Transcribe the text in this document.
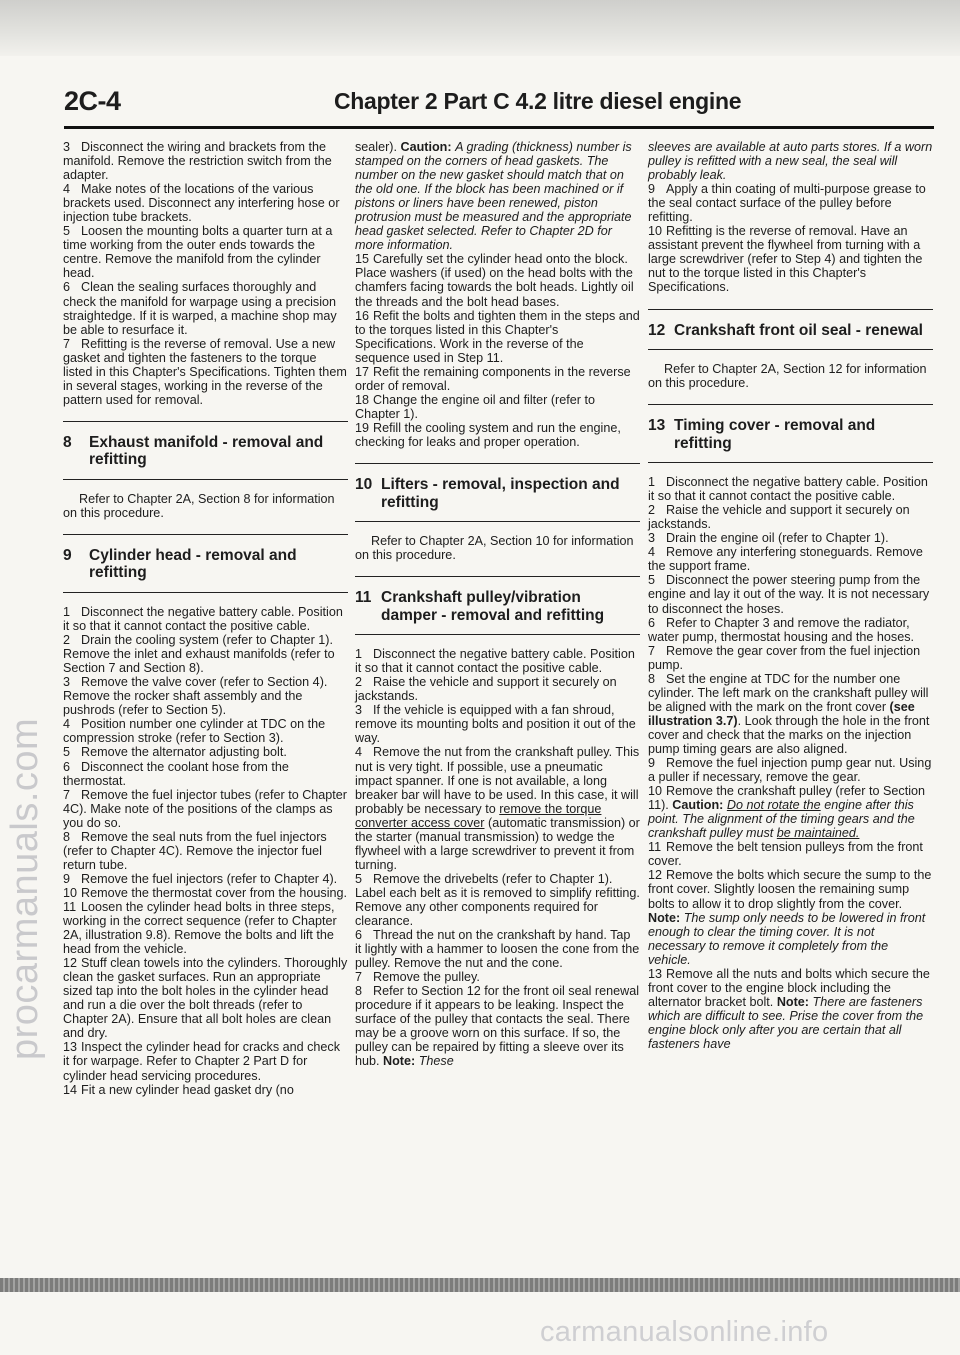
2C-4	Chapter 2 Part C 4.2 litre diesel engine
procarmanuals.com

3 Disconnect the wiring and brackets from the manifold. Remove the restriction switch from the adapter.

4 Make notes of the locations of the various brackets used. Disconnect any interfering hose or injection tube brackets.

5 Loosen the mounting bolts a quarter turn at a time working from the outer ends towards the centre. Remove the manifold from the cylinder head.

6 Clean the sealing surfaces thoroughly and check the manifold for warpage using a precision straightedge. If it is warped, a machine shop may be able to resurface it.

7 Refitting is the reverse of removal. Use a new gasket and tighten the fasteners to the torque listed in this Chapter's Specifications. Tighten them in several stages, working in the reverse of the pattern used for removal.

8	Exhaust manifold - removal and refitting

Refer to Chapter 2A, Section 8 for information on this procedure.

9	Cylinder head - removal and refitting

1 Disconnect the negative battery cable. Position it so that it cannot contact the positive cable.

2 Drain the cooling system (refer to Chapter 1). Remove the inlet and exhaust manifolds (refer to Section 7 and Section 8).

3 Remove the valve cover (refer to Section 4). Remove the rocker shaft assembly and the pushrods (refer to Section 5).

4 Position number one cylinder at TDC on the compression stroke (refer to Section 3).

5 Remove the alternator adjusting bolt.

6 Disconnect the coolant hose from the thermostat.

7 Remove the fuel injector tubes (refer to Chapter 4C). Make note of the positions of the clamps as you do so.

8 Remove the seal nuts from the fuel injectors (refer to Chapter 4C). Remove the injector fuel return tube.

9 Remove the fuel injectors (refer to Chapter 4).

10 Remove the thermostat cover from the housing.

11 Loosen the cylinder head bolts in three steps, working in the correct sequence (refer to Chapter 2A, illustration 9.8). Remove the bolts and lift the head from the vehicle.

12 Stuff clean towels into the cylinders. Thoroughly clean the gasket surfaces. Run an appropriate sized tap into the bolt holes in the cylinder head and run a die over the bolt threads (refer to Chapter 2A). Ensure that all bolt holes are clean and dry.

13 Inspect the cylinder head for cracks and check it for warpage. Refer to Chapter 2 Part D for cylinder head servicing procedures.

14 Fit a new cylinder head gasket dry (no

sealer). Caution: A grading (thickness) number is stamped on the corners of head gaskets. The number on the new gasket should match that on the old one. If the block has been machined or if pistons or liners have been renewed, piston protrusion must be measured and the appropriate head gasket selected. Refer to Chapter 2D for more information.

15 Carefully set the cylinder head onto the block. Place washers (if used) on the head bolts with the chamfers facing towards the bolt heads. Lightly oil the threads and the bolt head bases.

16 Refit the bolts and tighten them in the steps and to the torques listed in this Chapter's Specifications. Work in the reverse of the sequence used in Step 11.

17 Refit the remaining components in the reverse order of removal.

18 Change the engine oil and filter (refer to Chapter 1).

19 Refill the cooling system and run the engine, checking for leaks and proper operation.

10 Lifters - removal, inspection and refitting

Refer to Chapter 2A, Section 10 for information on this procedure.

11 Crankshaft pulley/vibration damper - removal and refitting

1 Disconnect the negative battery cable. Position it so that it cannot contact the positive cable.

2 Raise the vehicle and support it securely on jackstands.

3 If the vehicle is equipped with a fan shroud, remove its mounting bolts and position it out of the way.

4 Remove the nut from the crankshaft pulley. This nut is very tight. If possible, use a pneumatic impact spanner. If one is not available, a long breaker bar will have to be used. In this case, it will probably be necessary to remove the torque converter access cover (automatic transmission) or the starter (manual transmission) to wedge the flywheel with a large screwdriver to prevent it from turning.

5 Remove the drivebelts (refer to Chapter 1). Label each belt as it is removed to simplify refitting. Remove any other components required for clearance.

6 Thread the nut on the crankshaft by hand. Tap it lightly with a hammer to loosen the cone from the pulley. Remove the nut and the cone.

7 Remove the pulley.

8 Refer to Section 12 for the front oil seal renewal procedure if it appears to be leaking. Inspect the surface of the pulley that contacts the seal. There may be a groove worn on this surface. If so, the pulley can be repaired by fitting a sleeve over its hub. Note: These

sleeves are available at auto parts stores. If a worn pulley is refitted with a new seal, the seal will probably leak.

9 Apply a thin coating of multi-purpose grease to the seal contact surface of the pulley before refitting.

10 Refitting is the reverse of removal. Have an assistant prevent the flywheel from turning with a large screwdriver (refer to Step 4) and tighten the nut to the torque listed in this Chapter's Specifications.

12 Crankshaft front oil seal - renewal

Refer to Chapter 2A, Section 12 for information on this procedure.

13 Timing cover - removal and refitting

1 Disconnect the negative battery cable. Position it so that it cannot contact the positive cable.

2 Raise the vehicle and support it securely on jackstands.

3 Drain the engine oil (refer to Chapter 1).

4 Remove any interfering stoneguards. Remove the support frame.

5 Disconnect the power steering pump from the engine and lay it out of the way. It is not necessary to disconnect the hoses.

6 Refer to Chapter 3 and remove the radiator, water pump, thermostat housing and the hoses.

7 Remove the gear cover from the fuel injection pump.

8 Set the engine at TDC for the number one cylinder. The left mark on the crankshaft pulley will be aligned with the mark on the front cover (see illustration 3.7). Look through the hole in the front cover and check that the marks on the injection pump timing gears are also aligned.

9 Remove the fuel injection pump gear nut. Using a puller if necessary, remove the gear.

10 Remove the crankshaft pulley (refer to Section 11). Caution: Do not rotate the engine after this point. The alignment of the timing gears and the crankshaft pulley must be maintained.

11 Remove the belt tension pulleys from the front cover.

12 Remove the bolts which secure the sump to the front cover. Slightly loosen the remaining sump bolts to allow it to drop slightly from the cover. Note: The sump only needs to be lowered in front enough to clear the timing cover. It is not necessary to remove it completely from the vehicle.

13 Remove all the nuts and bolts which secure the front cover to the engine block including the alternator bracket bolt. Note: There are fasteners which are difficult to see. Prise the cover from the engine block only after you are certain that all fasteners have

carmanualsonline.info
